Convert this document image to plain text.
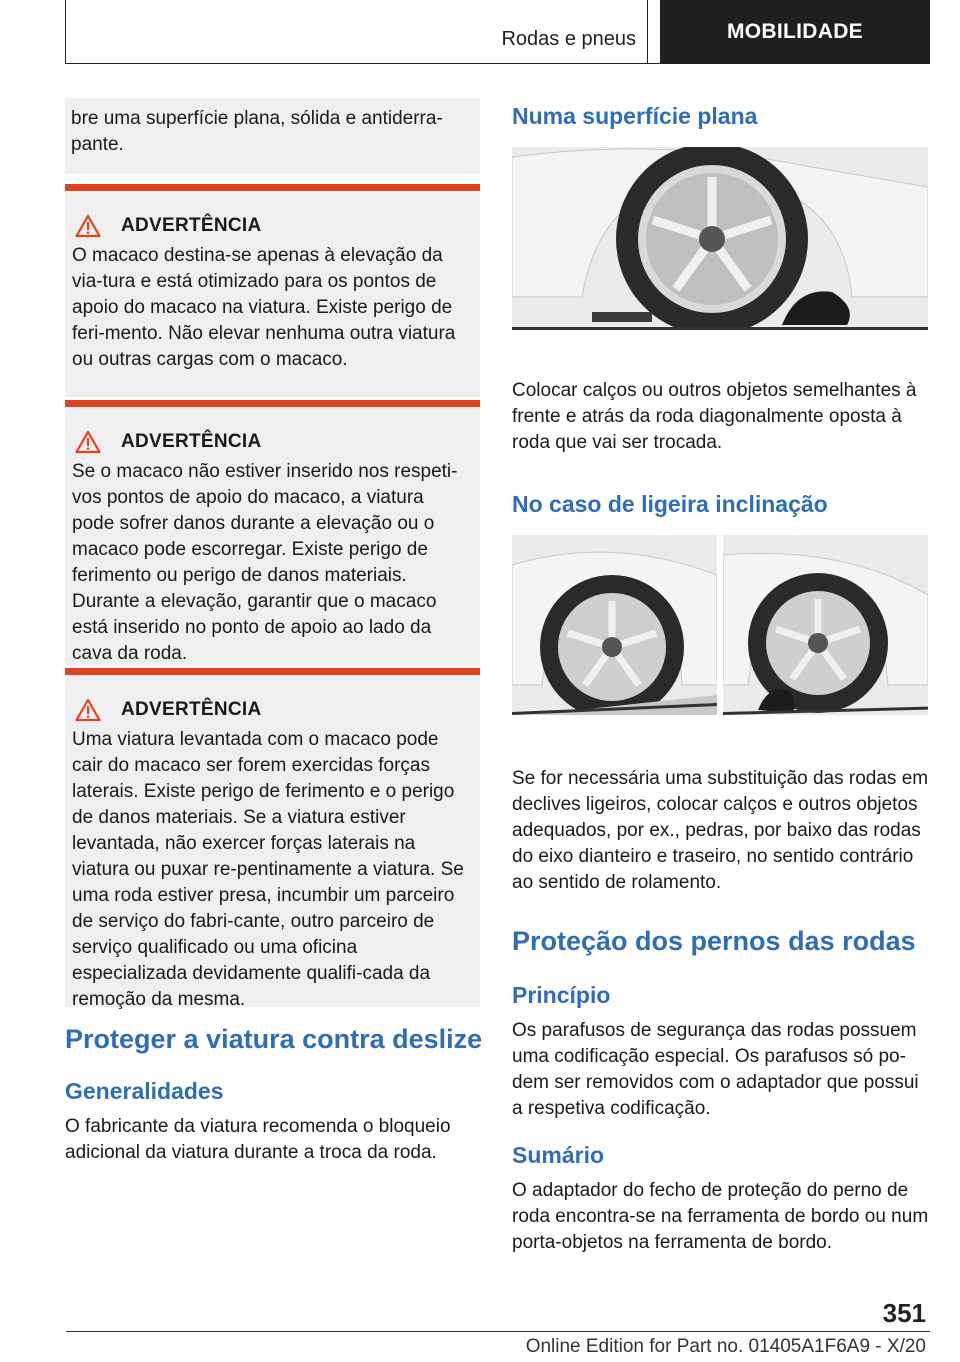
Rodas e pneus	MOBILIDADE

bre uma superfície plana, sólida e antiderra-pante.

ADVERTÊNCIA

O macaco destina-se apenas à elevação da via-tura e está otimizado para os pontos de apoio do macaco na viatura. Existe perigo de feri-mento. Não elevar nenhuma outra viatura ou outras cargas com o macaco.

ADVERTÊNCIA

Se o macaco não estiver inserido nos respeti-vos pontos de apoio do macaco, a viatura pode sofrer danos durante a elevação ou o macaco pode escorregar. Existe perigo de ferimento ou perigo de danos materiais. Durante a elevação, garantir que o macaco está inserido no ponto de apoio ao lado da cava da roda.

ADVERTÊNCIA

Uma viatura levantada com o macaco pode cair do macaco ser forem exercidas forças laterais. Existe perigo de ferimento e o perigo de danos materiais. Se a viatura estiver levantada, não exercer forças laterais na viatura ou puxar re-pentinamente a viatura. Se uma roda estiver presa, incumbir um parceiro de serviço do fabri-cante, outro parceiro de serviço qualificado ou uma oficina especializada devidamente qualifi-cada da remoção da mesma.

Proteger a viatura contra deslize
Generalidades

O fabricante da viatura recomenda o bloqueio adicional da viatura durante a troca da roda.

Numa superfície plana

Colocar calços ou outros objetos semelhantes à frente e atrás da roda diagonalmente oposta à roda que vai ser trocada.

No caso de ligeira inclinação

Se for necessária uma substituição das rodas em declives ligeiros, colocar calços e outros objetos adequados, por ex., pedras, por baixo das rodas do eixo dianteiro e traseiro, no sentido contrário ao sentido de rolamento.

Proteção dos pernos das rodas
Princípio

Os parafusos de segurança das rodas possuem uma codificação especial. Os parafusos só po-dem ser removidos com o adaptador que possui a respetiva codificação.

Sumário

O adaptador do fecho de proteção do perno de roda encontra-se na ferramenta de bordo ou num porta-objetos na ferramenta de bordo.

351
Online Edition for Part no. 01405A1F6A9 - X/20
